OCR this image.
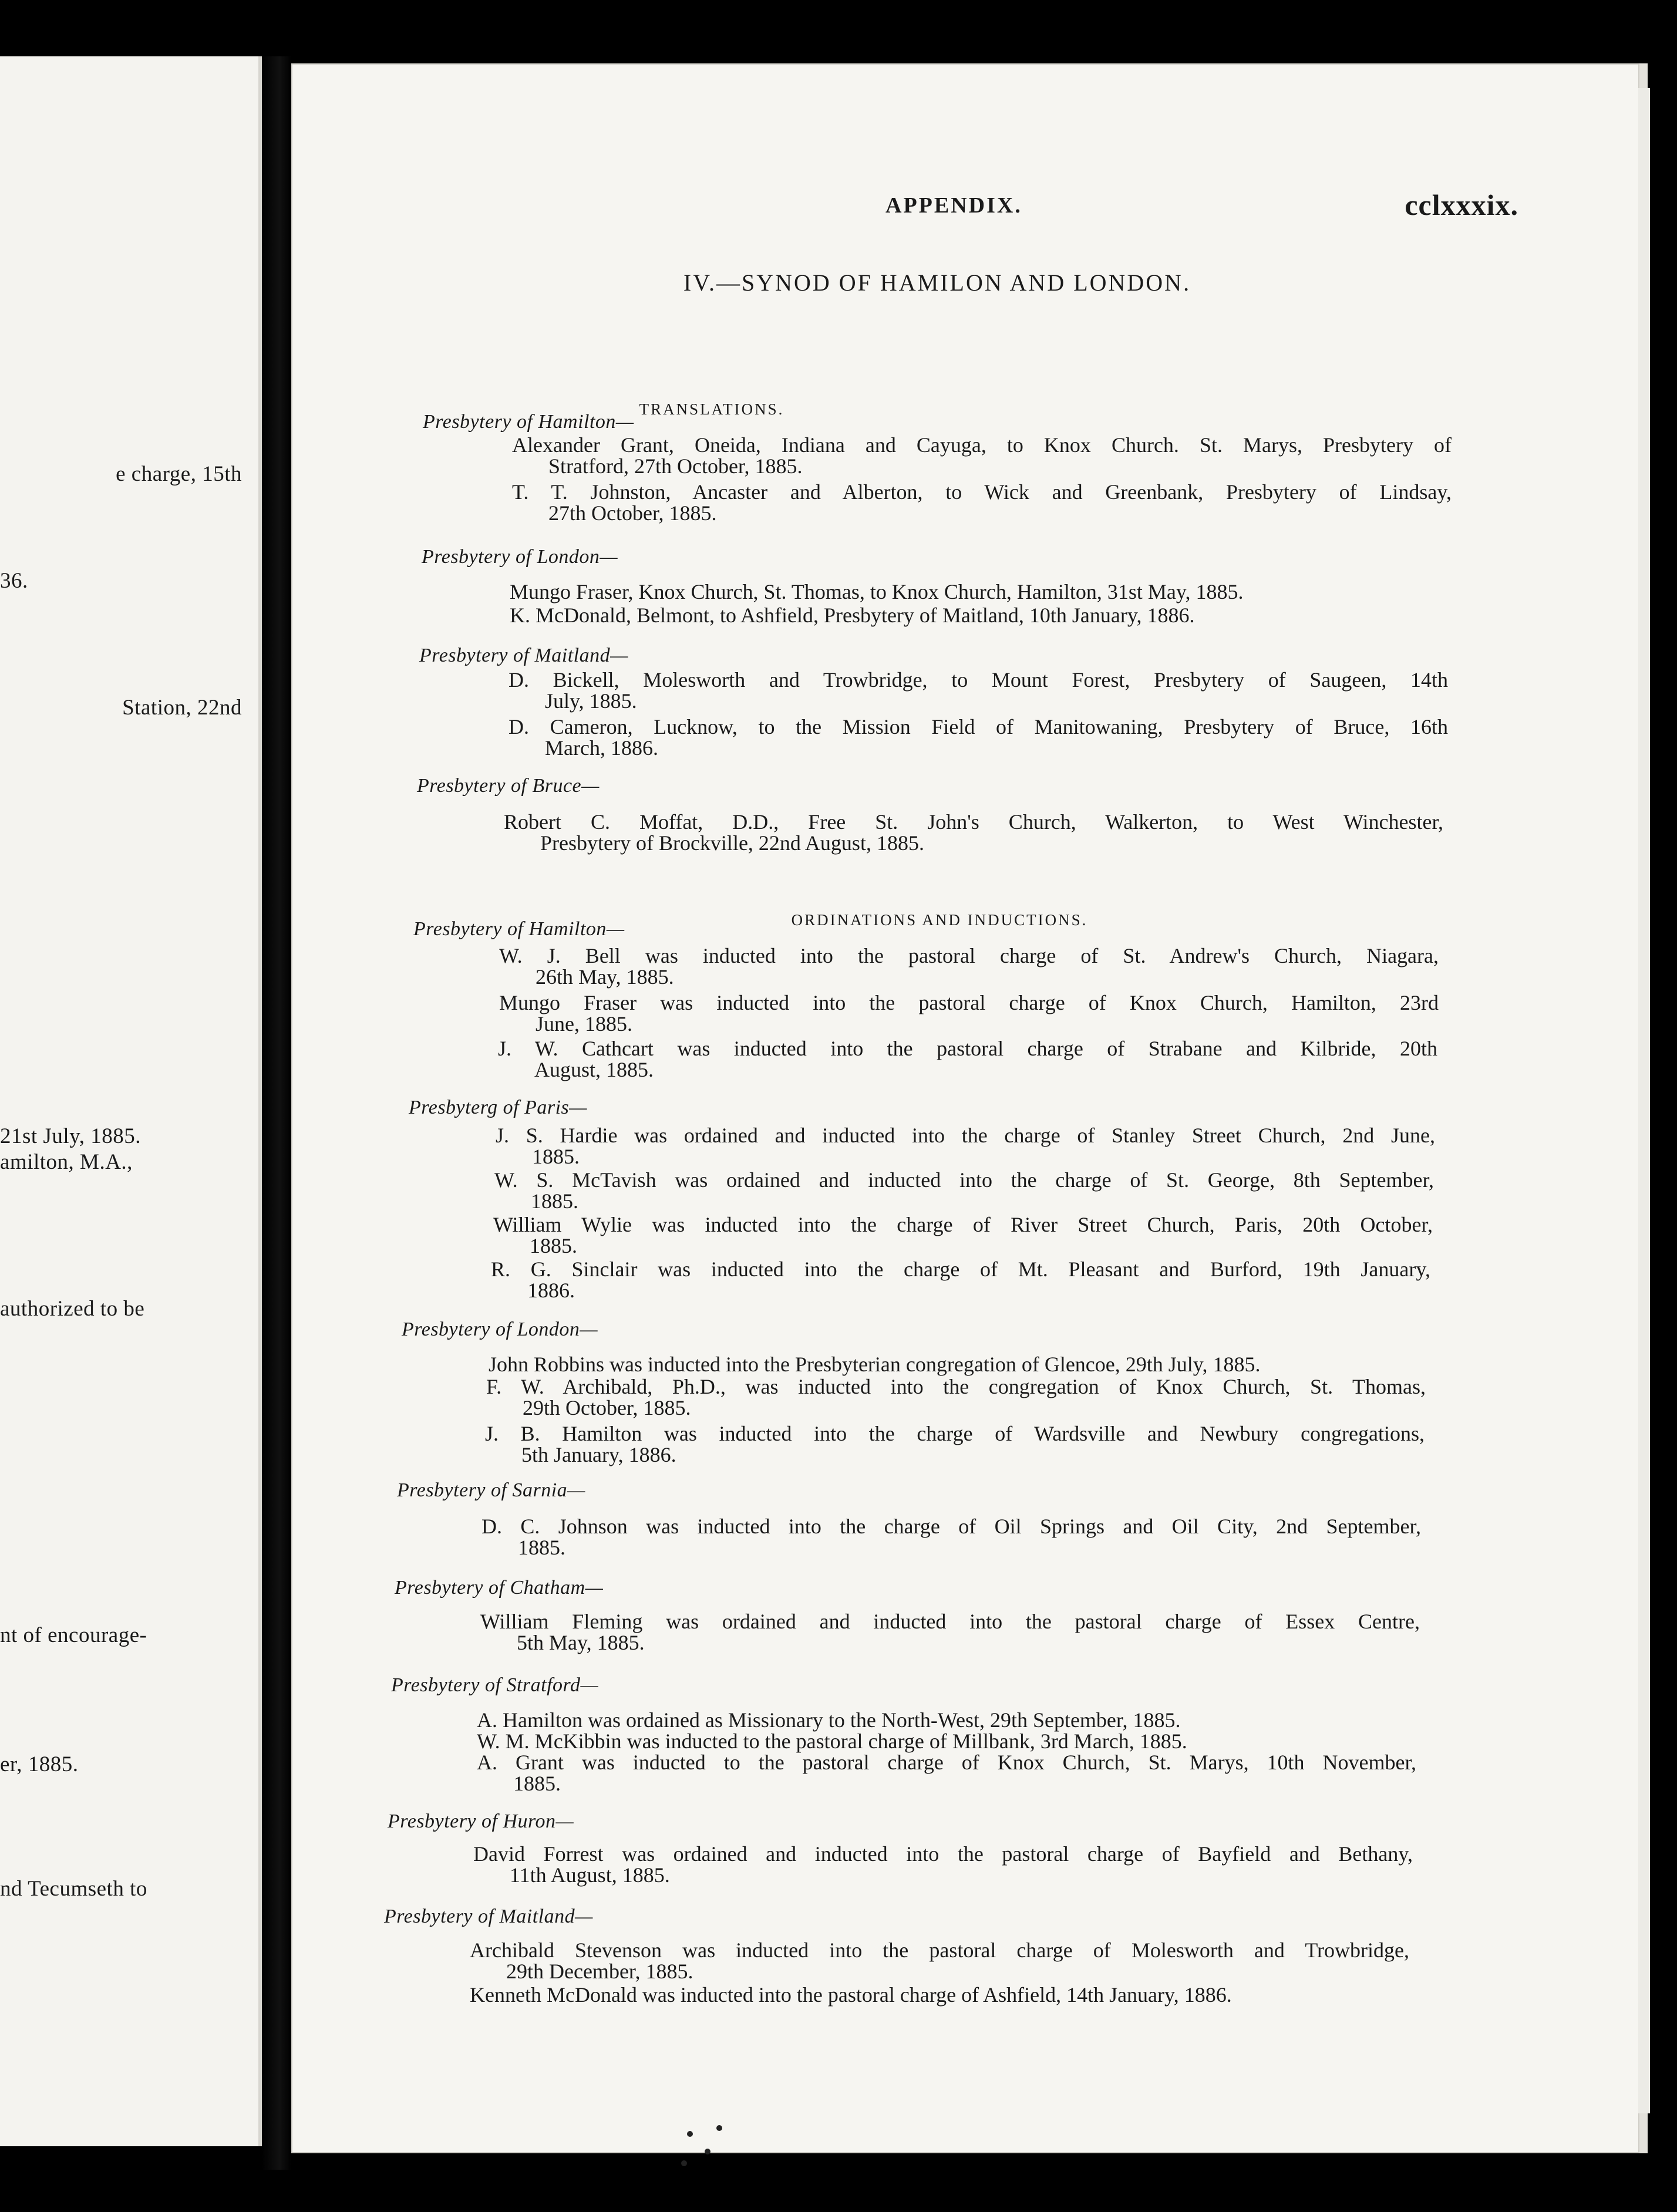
e charge, 15th
36.
Station, 22nd
21st July, 1885.
amilton, M.A.,
authorized to be
nt of encourage-
er, 1885.
nd Tecumseth to
APPENDIX.	cclxxxix.
IV.—SYNOD OF HAMILON AND LONDON.
TRANSLATIONS.
Presbytery of Hamilton—
Alexander Grant, Oneida, Indiana and Cayuga, to Knox Church. St. Marys, Presbytery of
Stratford, 27th October, 1885.
T. T. Johnston, Ancaster and Alberton, to Wick and Greenbank, Presbytery of Lindsay,
27th October, 1885.
Presbytery of London—
Mungo Fraser, Knox Church, St. Thomas, to Knox Church, Hamilton, 31st May, 1885.
K. McDonald, Belmont, to Ashfield, Presbytery of Maitland, 10th January, 1886.
Presbytery of Maitland—
D. Bickell, Molesworth and Trowbridge, to Mount Forest, Presbytery of Saugeen, 14th
July, 1885.
D. Cameron, Lucknow, to the Mission Field of Manitowaning, Presbytery of Bruce, 16th
March, 1886.
Presbytery of Bruce—
Robert C. Moffat, D.D., Free St. John's Church, Walkerton, to West Winchester,
Presbytery of Brockville, 22nd August, 1885.
ORDINATIONS AND INDUCTIONS.
Presbytery of Hamilton—
W. J. Bell was inducted into the pastoral charge of St. Andrew's Church, Niagara,
26th May, 1885.
Mungo Fraser was inducted into the pastoral charge of Knox Church, Hamilton, 23rd
June, 1885.
J. W. Cathcart was inducted into the pastoral charge of Strabane and Kilbride, 20th
August, 1885.
Presbyterg of Paris—
J. S. Hardie was ordained and inducted into the charge of Stanley Street Church, 2nd June,
1885.
W. S. McTavish was ordained and inducted into the charge of St. George, 8th September,
1885.
William Wylie was inducted into the charge of River Street Church, Paris, 20th October,
1885.
R. G. Sinclair was inducted into the charge of Mt. Pleasant and Burford, 19th January,
1886.
Presbytery of London—
John Robbins was inducted into the Presbyterian congregation of Glencoe, 29th July, 1885.
F. W. Archibald, Ph.D., was inducted into the congregation of Knox Church, St. Thomas,
29th October, 1885.
J. B. Hamilton was inducted into the charge of Wardsville and Newbury congregations,
5th January, 1886.
Presbytery of Sarnia—
D. C. Johnson was inducted into the charge of Oil Springs and Oil City, 2nd September,
1885.
Presbytery of Chatham—
William Fleming was ordained and inducted into the pastoral charge of Essex Centre,
5th May, 1885.
Presbytery of Stratford—
A. Hamilton was ordained as Missionary to the North-West, 29th September, 1885.
W. M. McKibbin was inducted to the pastoral charge of Millbank, 3rd March, 1885.
A. Grant was inducted to the pastoral charge of Knox Church, St. Marys, 10th November,
1885.
Presbytery of Huron—
David Forrest was ordained and inducted into the pastoral charge of Bayfield and Bethany,
11th August, 1885.
Presbytery of Maitland—
Archibald Stevenson was inducted into the pastoral charge of Molesworth and Trowbridge,
29th December, 1885.
Kenneth McDonald was inducted into the pastoral charge of Ashfield, 14th January, 1886.
